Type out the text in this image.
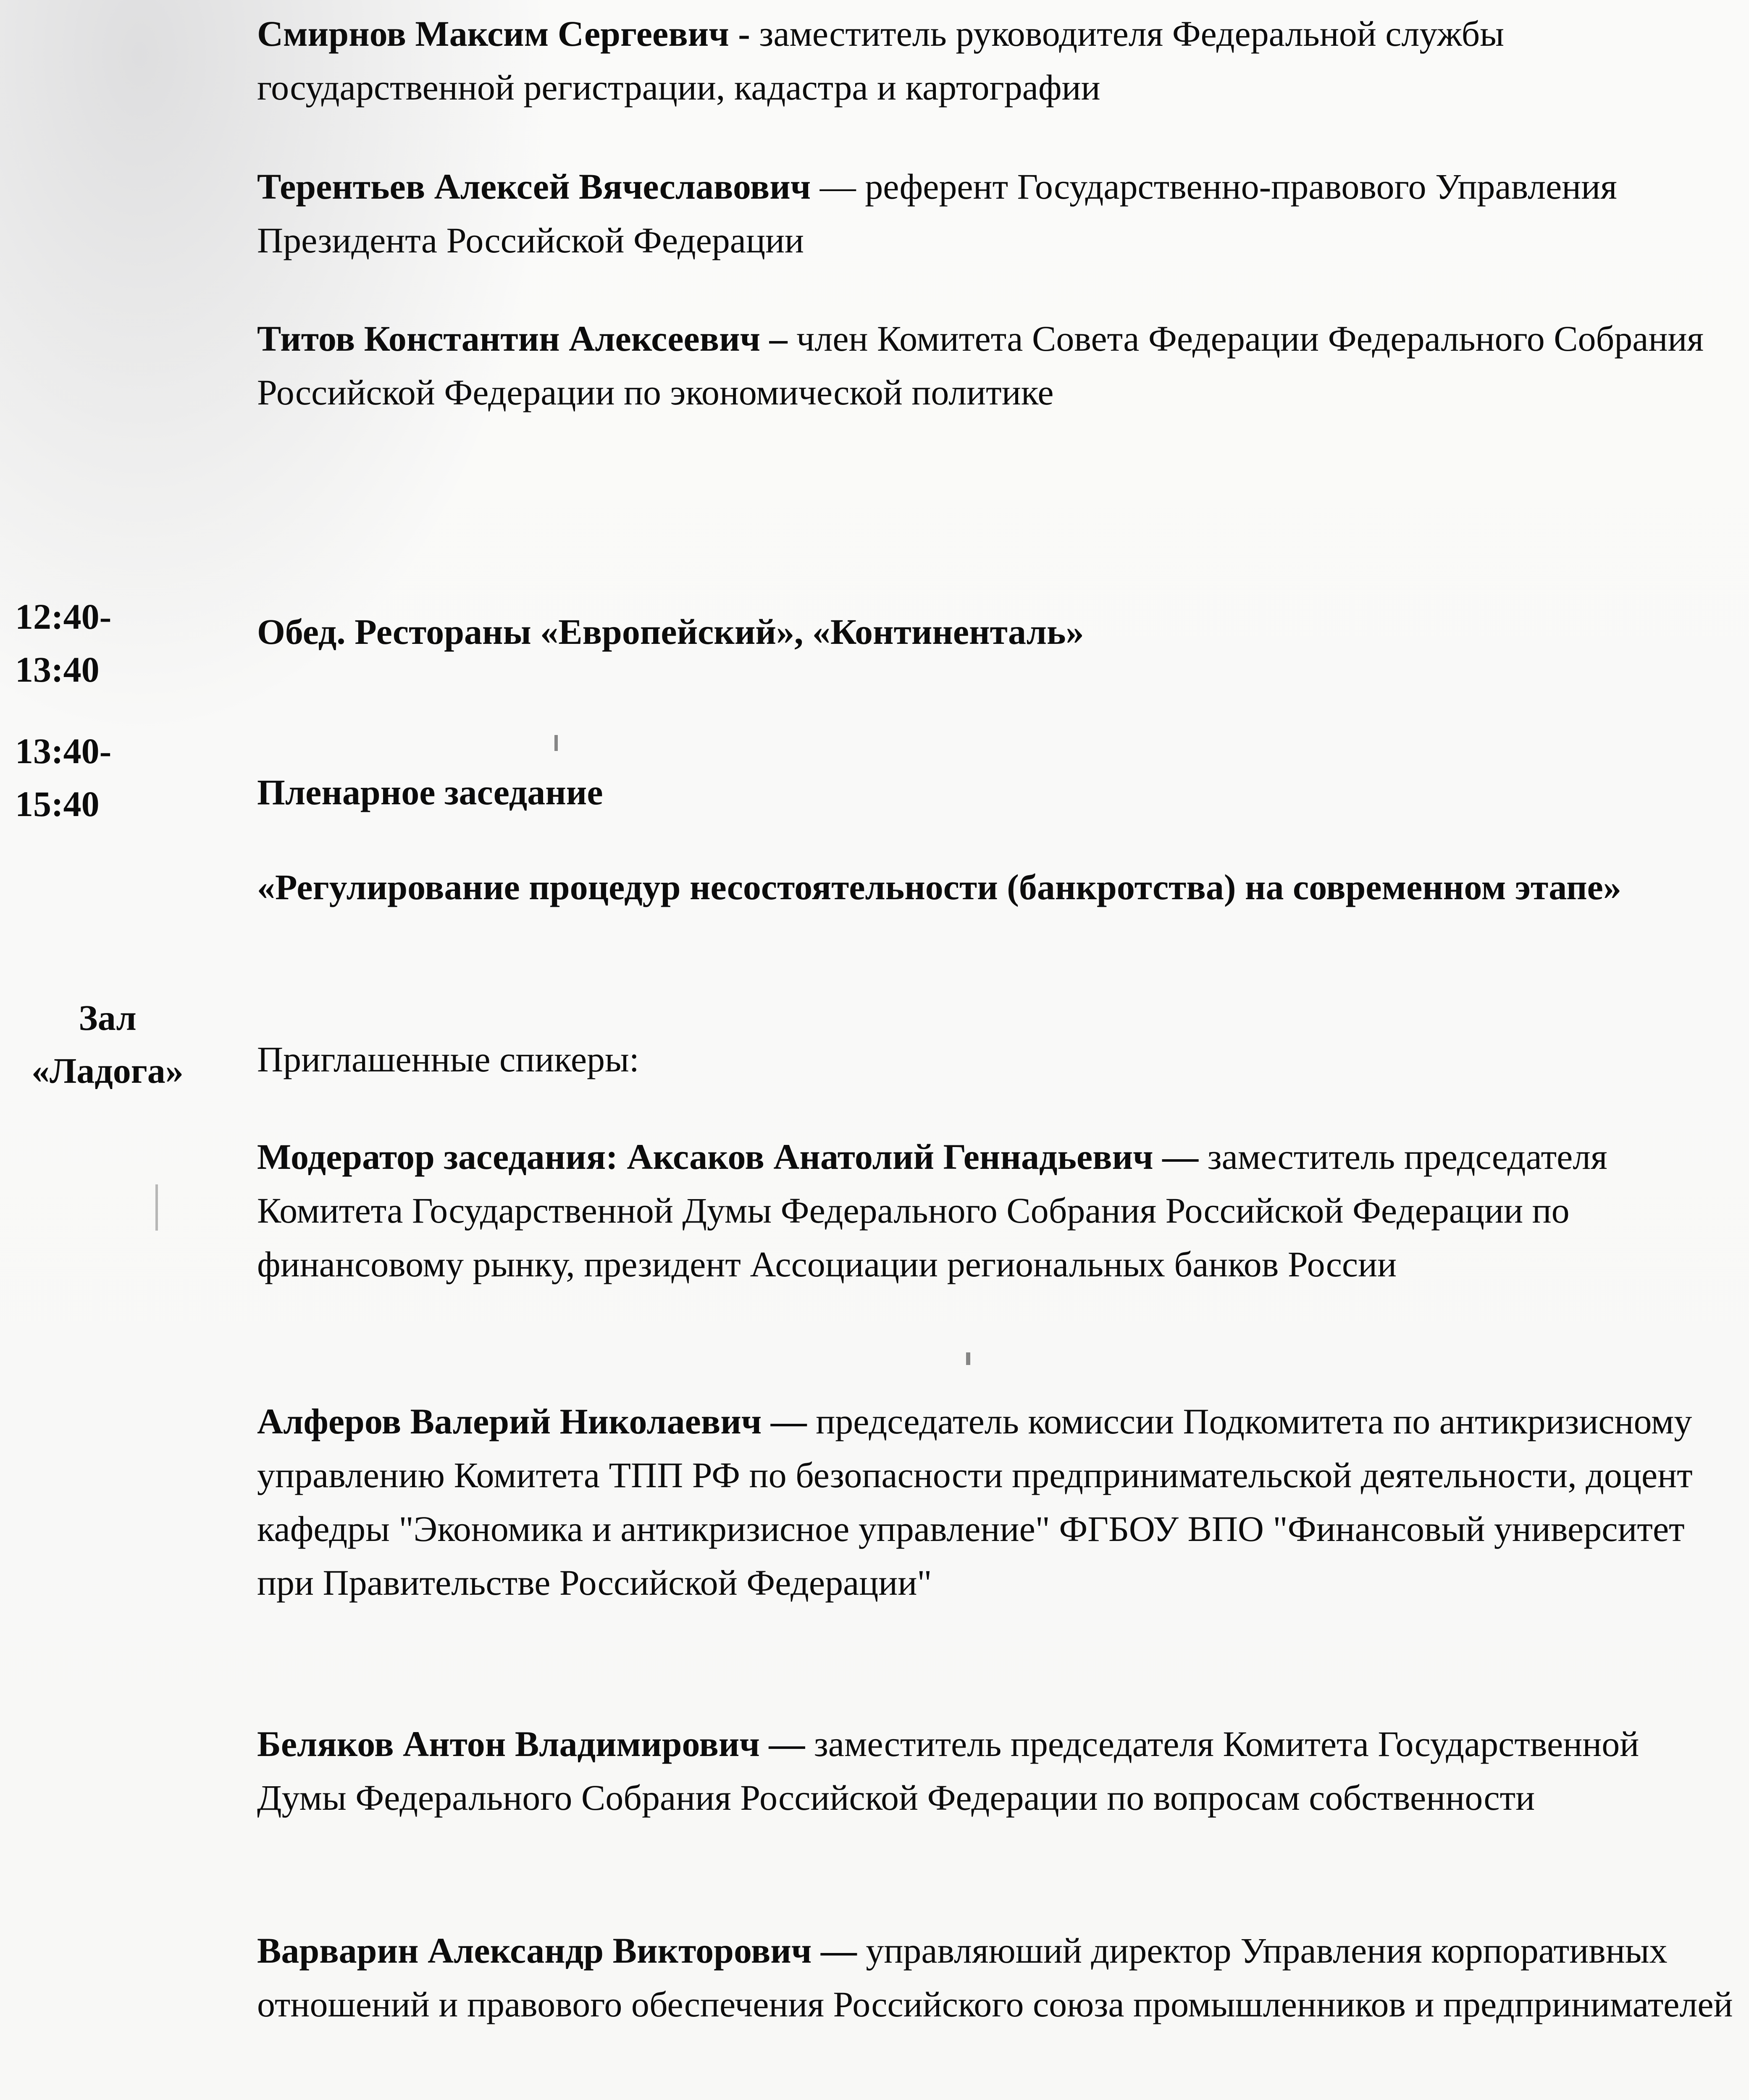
12:40-
13:40
13:40-
15:40
Зал
«Ладога»
Смирнов Максим Сергеевич - заместитель руководителя Федеральной службы государственной регистрации, кадастра и картографии
Терентьев Алексей Вячеславович — референт Государственно-правового Управления Президента Российской Федерации
Титов Константин Алексеевич – член Комитета Совета Федерации Федерального Собрания Российской Федерации по экономической политике
Обед. Рестораны «Европейский», «Континенталь»
Пленарное заседание
«Регулирование процедур несостоятельности (банкротства) на современном этапе»
Приглашенные спикеры:
Модератор заседания: Аксаков Анатолий Геннадьевич — заместитель председателя Комитета Государственной Думы Федерального Собрания Российской Федерации по финансовому рынку, президент Ассоциации региональных банков России
Алферов Валерий Николаевич — председатель комиссии Подкомитета по антикризисному управлению Комитета ТПП РФ по безопасности предпринимательской деятельности, доцент кафедры "Экономика и антикризисное управление" ФГБОУ ВПО "Финансовый университет при Правительстве Российской Федерации"
Беляков Антон Владимирович — заместитель председателя Комитета Государственной Думы Федерального Собрания Российской Федерации по вопросам собственности
Варварин Александр Викторович — управляюший директор Управления корпоративных отношений и правового обеспечения Российского союза промышленников и предпринимателей
